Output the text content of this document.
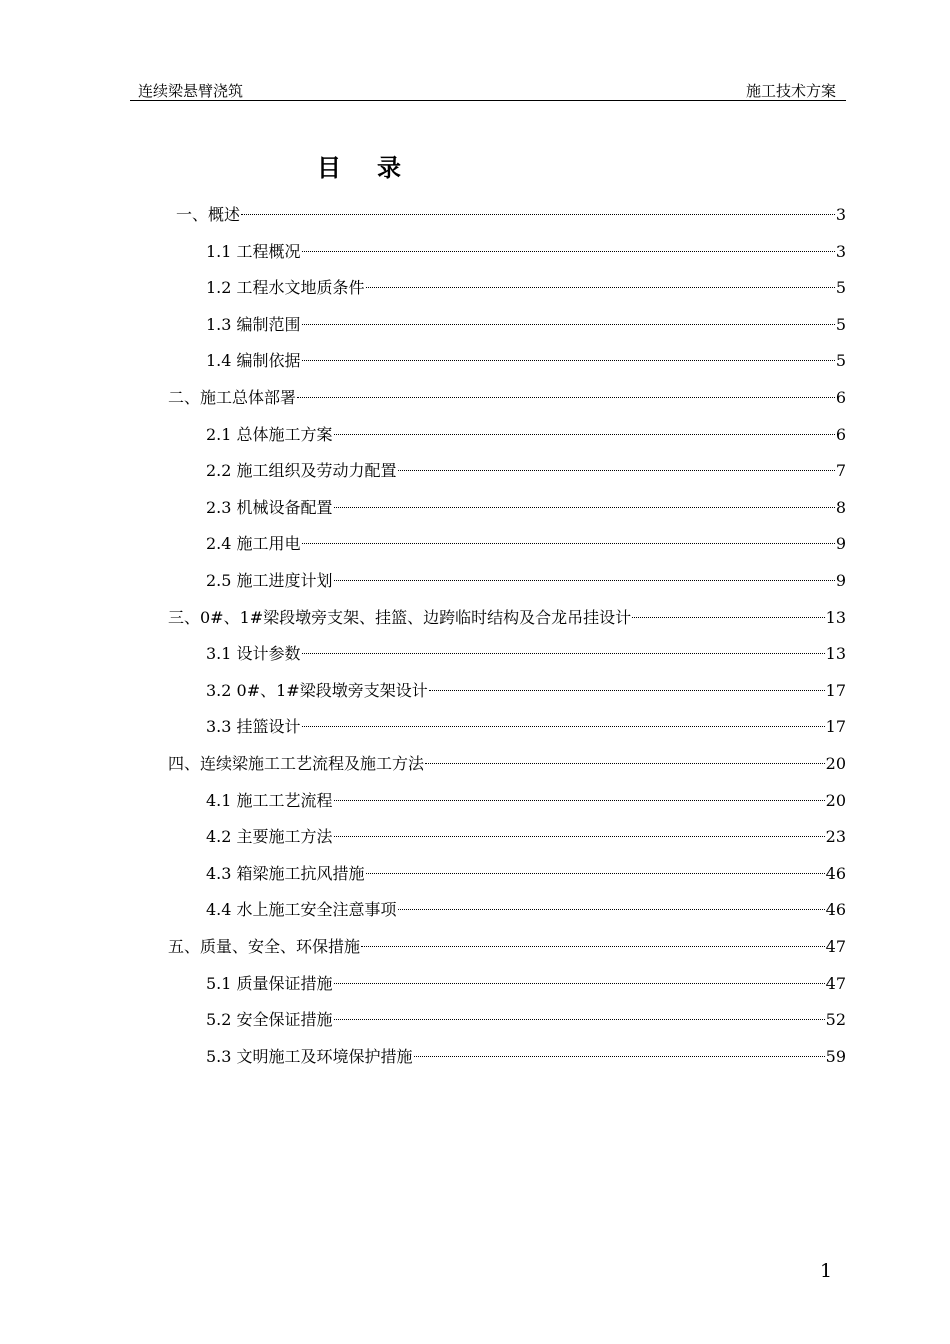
连续梁悬臂浇筑	施工技术方案
目录
一、概述	3
1.1 工程概况	3
1.2 工程水文地质条件	5
1.3 编制范围	5
1.4 编制依据	5
二、施工总体部署	6
2.1 总体施工方案	6
2.2 施工组织及劳动力配置	7
2.3 机械设备配置	8
2.4 施工用电	9
2.5 施工进度计划	9
三、0#、1#梁段墩旁支架、挂篮、边跨临时结构及合龙吊挂设计	13
3.1 设计参数	13
3.2 0#、1#梁段墩旁支架设计	17
3.3 挂篮设计	17
四、连续梁施工工艺流程及施工方法	20
4.1 施工工艺流程	20
4.2 主要施工方法	23
4.3 箱梁施工抗风措施	46
4.4 水上施工安全注意事项	46
五、质量、安全、环保措施	47
5.1 质量保证措施	47
5.2 安全保证措施	52
5.3 文明施工及环境保护措施	59
1
